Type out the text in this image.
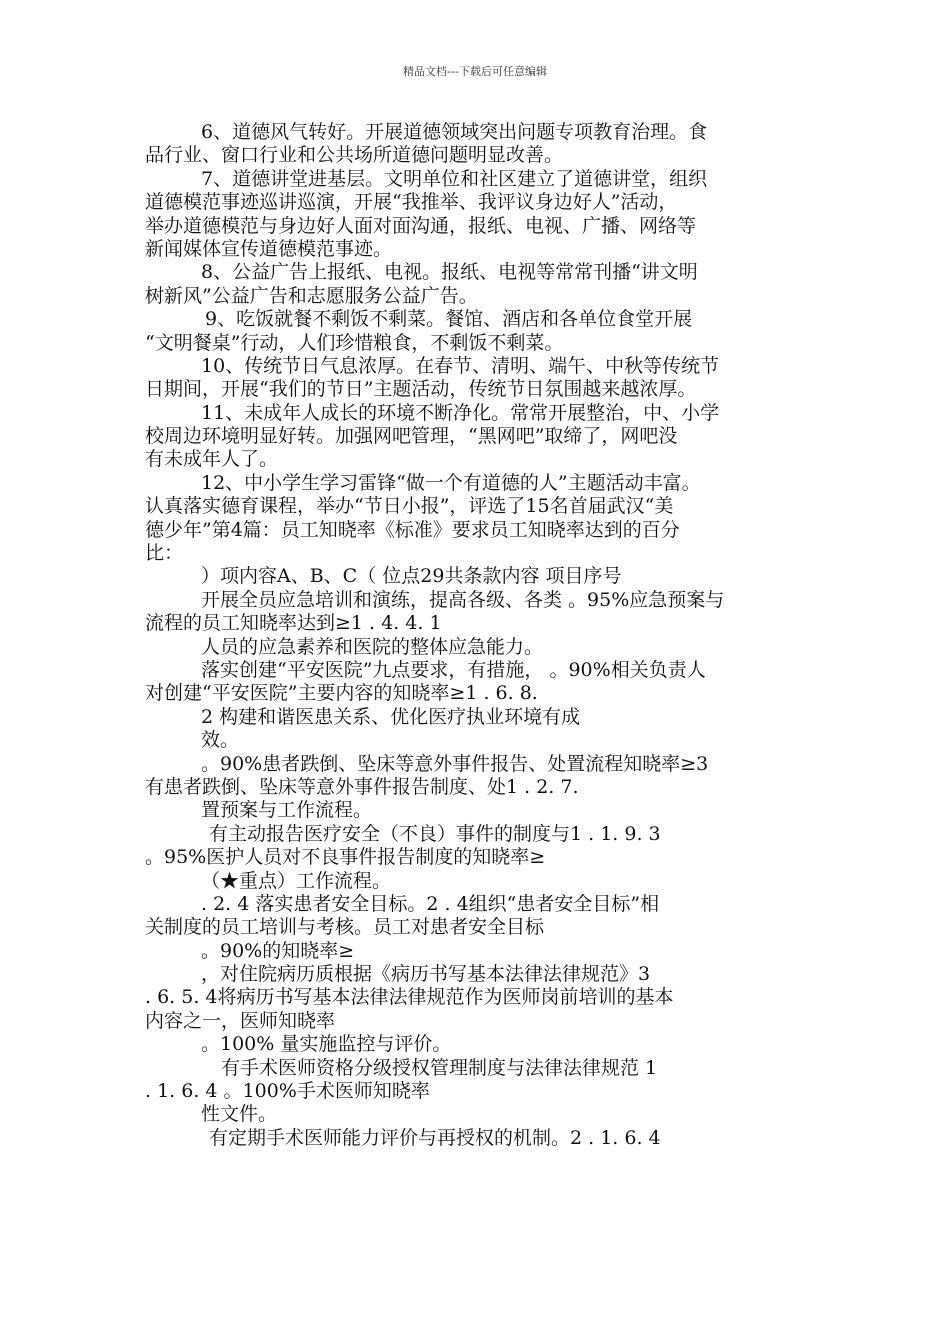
精品文档---下载后可任意编辑
6、道德风气转好。开展道德领域突出问题专项教育治理。食
品行业、窗口行业和公共场所道德问题明显改善。
7、道德讲堂进基层。文明单位和社区建立了道德讲堂，组织
道德模范事迹巡讲巡演，开展“我推举、我评议身边好人”活动，
举办道德模范与身边好人面对面沟通，报纸、电视、广播、网络等
新闻媒体宣传道德模范事迹。
8、公益广告上报纸、电视。报纸、电视等常常刊播“讲文明
树新风”公益广告和志愿服务公益广告。
9、吃饭就餐不剩饭不剩菜。餐馆、酒店和各单位食堂开展
“文明餐桌”行动，人们珍惜粮食，不剩饭不剩菜。
10、传统节日气息浓厚。在春节、清明、端午、中秋等传统节
日期间，开展“我们的节日”主题活动，传统节日氛围越来越浓厚。
11、未成年人成长的环境不断净化。常常开展整治，中、小学
校周边环境明显好转。加强网吧管理，“黑网吧”取缔了，网吧没
有未成年人了。
12、中小学生学习雷锋“做一个有道德的人”主题活动丰富。
认真落实德育课程，举办“节日小报”，评选了15名首届武汉“美
德少年”第4篇：员工知晓率《标准》要求员工知晓率达到的百分
比：
）项内容A、B、C（ 位点29共条款内容 项目序号
开展全员应急培训和演练，提高各级、各类 。95%应急预案与
流程的员工知晓率达到≥1 . 4. 4. 1
人员的应急素养和医院的整体应急能力。
落实创建“平安医院”九点要求，有措施， 。90%相关负责人
对创建“平安医院”主要内容的知晓率≥1 . 6. 8.
2 构建和谐医患关系、优化医疗执业环境有成
效。
。90%患者跌倒、坠床等意外事件报告、处置流程知晓率≥3
有患者跌倒、坠床等意外事件报告制度、处1 . 2. 7.
置预案与工作流程。
有主动报告医疗安全（不良）事件的制度与1 . 1. 9. 3
。95%医护人员对不良事件报告制度的知晓率≥
（★重点）工作流程。
. 2. 4 落实患者安全目标。2 . 4组织“患者安全目标”相
关制度的员工培训与考核。员工对患者安全目标
。90%的知晓率≥
，对住院病历质根据《病历书写基本法律法律规范》3
. 6. 5. 4将病历书写基本法律法律规范作为医师岗前培训的基本
内容之一，医师知晓率
。100% 量实施监控与评价。
有手术医师资格分级授权管理制度与法律法律规范 1
. 1. 6. 4 。100%手术医师知晓率
性文件。
有定期手术医师能力评价与再授权的机制。2 . 1. 6. 4
